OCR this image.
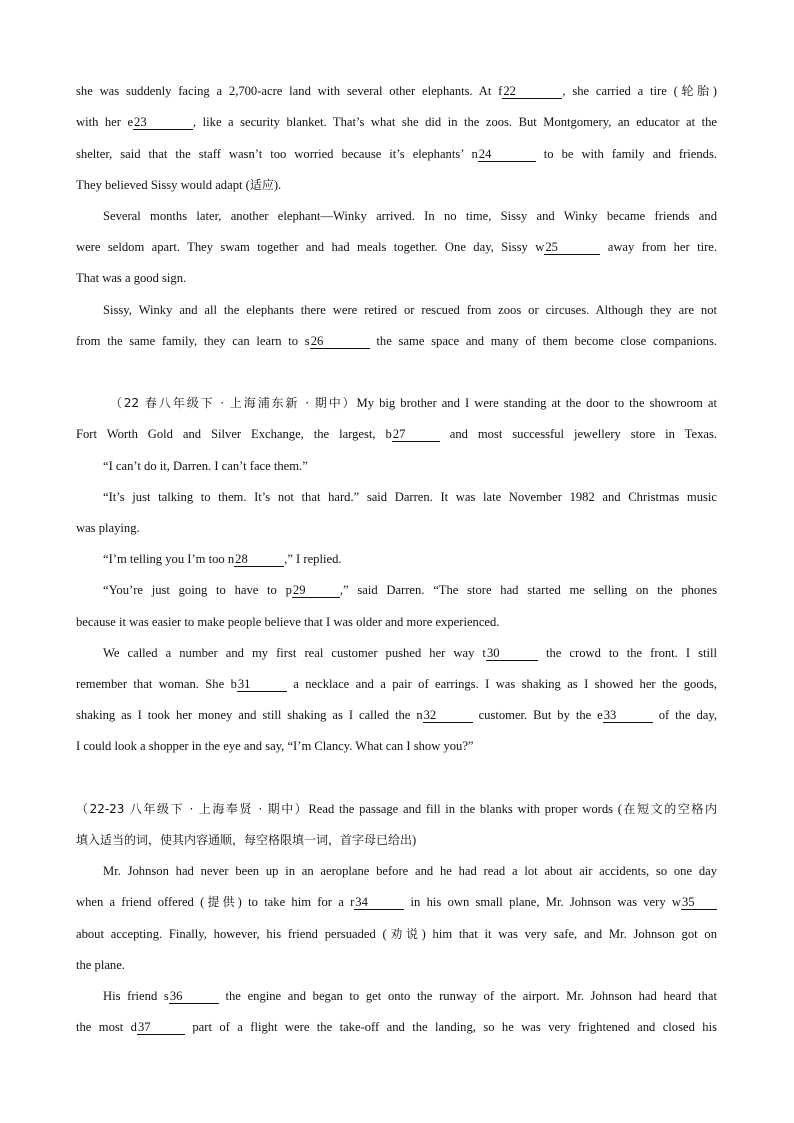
she was suddenly facing a 2,700-acre land with several other elephants. At f22	, she carried a tire (轮胎)
with her e23	, like a security blanket. That’s what she did in the zoos. But Montgomery, an educator at the
shelter, said that the staff wasn’t too worried because it’s elephants’ n24	to be with family and friends.
They believed Sissy would adapt (适应).
Several months later, another elephant—Winky arrived. In no time, Sissy and Winky became friends and
were seldom apart. They swam together and had meals together. One day, Sissy w25	away from her tire.
That was a good sign.
Sissy, Winky and all the elephants there were retired or rescued from zoos or circuses. Although they are not
from the same family, they can learn to s26	the same space and many of them become close companions.
（22 春八年级下 · 上海浦东新 · 期中）My big brother and I were standing at the door to the showroom at
Fort Worth Gold and Silver Exchange, the largest, b27	and most successful jewellery store in Texas.
“I can’t do it, Darren. I can’t face them.”
“It’s just talking to them. It’s not that hard.” said Darren. It was late November 1982 and Christmas music
was playing.
“I’m telling you I’m too n28	,” I replied.
“You’re just going to have to p29	,” said Darren. “The store had started me selling on the phones
because it was easier to make people believe that I was older and more experienced.
We called a number and my first real customer pushed her way t30	the crowd to the front. I still
remember that woman. She b31	a necklace and a pair of earrings. I was shaking as I showed her the goods,
shaking as I took her money and still shaking as I called the n32	customer. But by the e33	of the day,
I could look a shopper in the eye and say, “I’m Clancy. What can I show you?”
（22-23 八年级下 · 上海奉贤 · 期中）Read the passage and fill in the blanks with proper words (在短文的空格内
填入适当的词，使其内容通顺，每空格限填一词，首字母已给出)
Mr. Johnson had never been up in an aeroplane before and he had read a lot about air accidents, so one day
when a friend offered (提供) to take him for a r34	in his own small plane, Mr. Johnson was very w35
about accepting. Finally, however, his friend persuaded (劝说) him that it was very safe, and Mr. Johnson got on
the plane.
His friend s36	the engine and began to get onto the runway of the airport. Mr. Johnson had heard that
the most d37	part of a flight were the take-off and the landing, so he was very frightened and closed his
